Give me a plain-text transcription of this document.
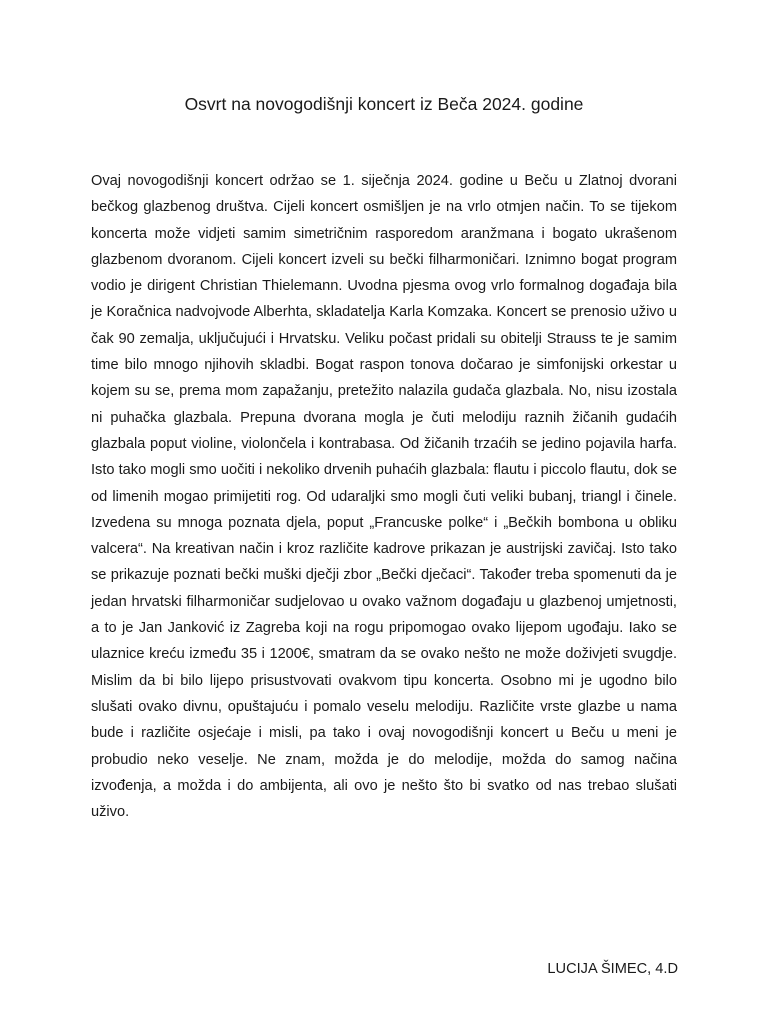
Osvrt na novogodišnji koncert iz Beča 2024. godine

Ovaj novogodišnji koncert održao se 1. siječnja 2024. godine u Beču u Zlatnoj dvorani bečkog glazbenog društva. Cijeli koncert osmišljen je na vrlo otmjen način. To se tijekom koncerta može vidjeti samim simetričnim rasporedom aranžmana i bogato ukrašenom glazbenom dvoranom. Cijeli koncert izveli su bečki filharmoničari. Iznimno bogat program vodio je dirigent Christian Thielemann. Uvodna pjesma ovog vrlo formalnog događaja bila je Koračnica nadvojvode Alberhta, skladatelja Karla Komzaka. Koncert se prenosio uživo u čak 90 zemalja, uključujući i Hrvatsku. Veliku počast pridali su obitelji Strauss te je samim time bilo mnogo njihovih skladbi. Bogat raspon tonova dočarao je simfonijski orkestar u kojem su se, prema mom zapažanju, pretežito nalazila gudača glazbala. No, nisu izostala ni puhačka glazbala. Prepuna dvorana mogla je čuti melodiju raznih žičanih gudaćih glazbala poput violine, violončela i kontrabasa. Od žičanih trzaćih se jedino pojavila harfa. Isto tako mogli smo uočiti i nekoliko drvenih puhaćih glazbala: flautu i piccolo flautu, dok se od limenih mogao primijetiti rog. Od udaraljki smo mogli čuti veliki bubanj, triangl i činele. Izvedena su mnoga poznata djela, poput „Francuske polke“ i „Bečkih bombona u obliku valcera“. Na kreativan način i kroz različite kadrove prikazan je austrijski zavičaj. Isto tako se prikazuje poznati bečki muški dječji zbor „Bečki dječaci“. Također treba spomenuti da je jedan hrvatski filharmoničar sudjelovao u ovako važnom događaju u glazbenoj umjetnosti, a to je Jan Janković iz Zagreba koji na rogu pripomogao ovako lijepom ugođaju. Iako se ulaznice kreću između 35 i 1200€, smatram da se ovako nešto ne može doživjeti svugdje. Mislim da bi bilo lijepo prisustvovati ovakvom tipu koncerta. Osobno mi je ugodno bilo slušati ovako divnu, opuštajuću i pomalo veselu melodiju. Različite vrste glazbe u nama bude i različite osjećaje i misli, pa tako i ovaj novogodišnji koncert u Beču u meni je probudio neko veselje. Ne znam, možda je do melodije, možda do samog načina izvođenja, a možda i do ambijenta, ali ovo je nešto što bi svatko od nas trebao slušati uživo.

LUCIJA ŠIMEC, 4.D
